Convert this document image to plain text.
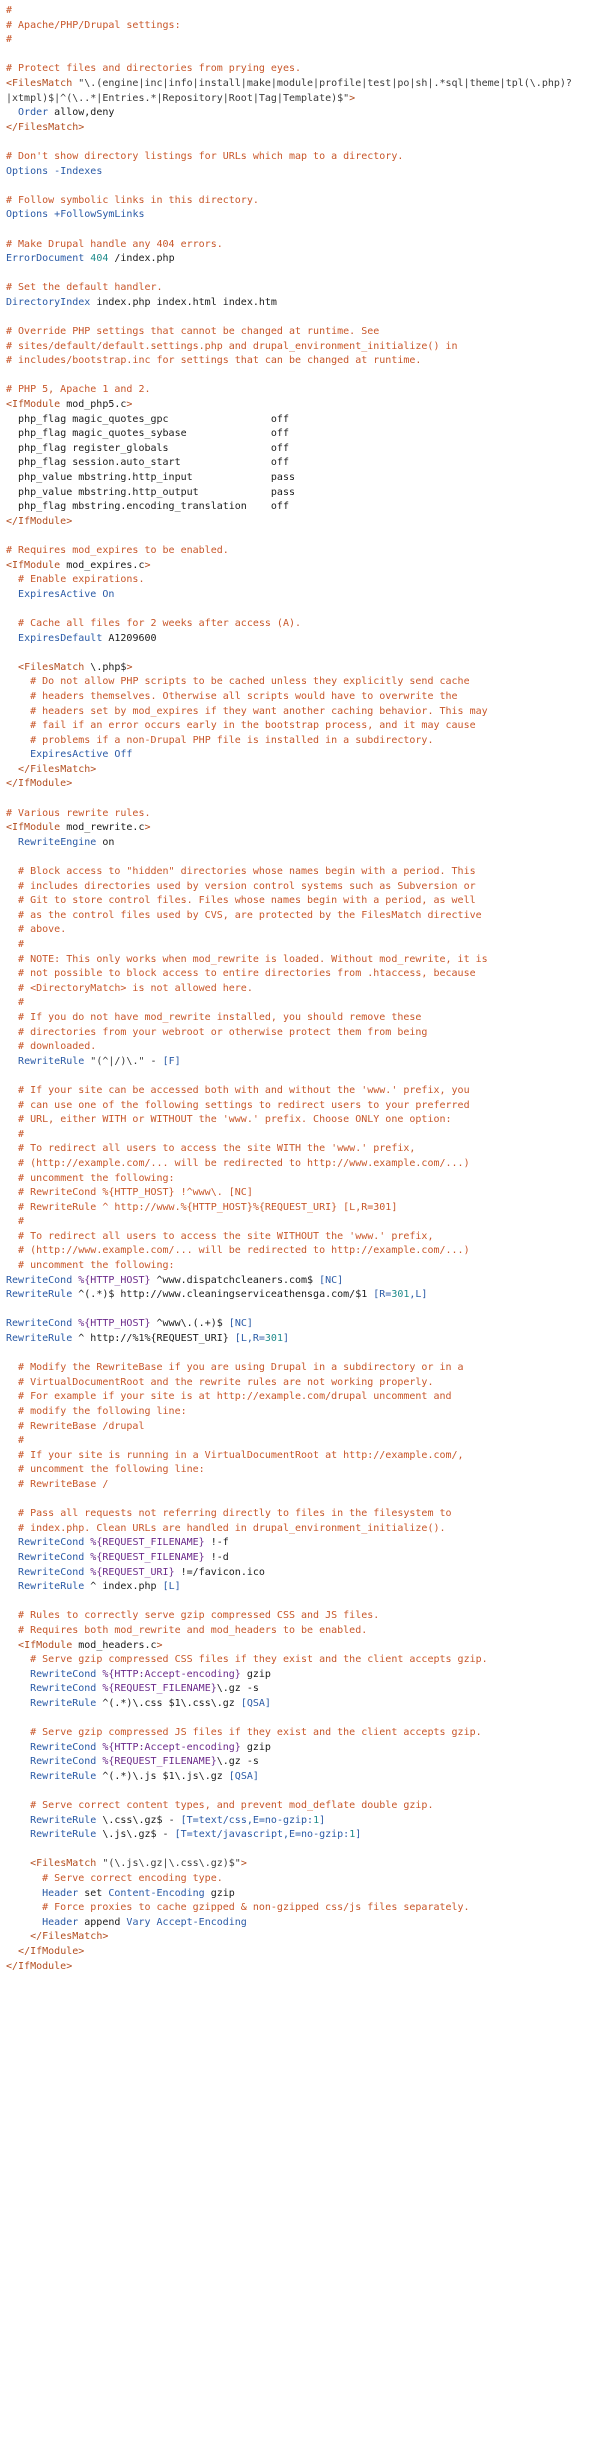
#
# Apache/PHP/Drupal settings:
#
# Protect files and directories from prying eyes.
<FilesMatch "\.(engine|inc|info|install|make|module|profile|test|po|sh|.*sql|theme|tpl(\.php)?
|xtmpl)$|^(\..*|Entries.*|Repository|Root|Tag|Template)$">
Order allow,deny
</FilesMatch>
# Don't show directory listings for URLs which map to a directory.
Options -Indexes
# Follow symbolic links in this directory.
Options +FollowSymLinks
# Make Drupal handle any 404 errors.
ErrorDocument 404 /index.php
# Set the default handler.
DirectoryIndex index.php index.html index.htm
# Override PHP settings that cannot be changed at runtime. See
# sites/default/default.settings.php and drupal_environment_initialize() in
# includes/bootstrap.inc for settings that can be changed at runtime.
# PHP 5, Apache 1 and 2.
<IfModule mod_php5.c>
php_flag magic_quotes_gpc                 off
php_flag magic_quotes_sybase              off
php_flag register_globals                 off
php_flag session.auto_start               off
php_value mbstring.http_input             pass
php_value mbstring.http_output            pass
php_flag mbstring.encoding_translation    off
</IfModule>
# Requires mod_expires to be enabled.
<IfModule mod_expires.c>
# Enable expirations.
ExpiresActive On
# Cache all files for 2 weeks after access (A).
ExpiresDefault A1209600
<FilesMatch \.php$>
# Do not allow PHP scripts to be cached unless they explicitly send cache
# headers themselves. Otherwise all scripts would have to overwrite the
# headers set by mod_expires if they want another caching behavior. This may
# fail if an error occurs early in the bootstrap process, and it may cause
# problems if a non-Drupal PHP file is installed in a subdirectory.
ExpiresActive Off
</FilesMatch>
</IfModule>
# Various rewrite rules.
<IfModule mod_rewrite.c>
RewriteEngine on
# Block access to "hidden" directories whose names begin with a period. This
# includes directories used by version control systems such as Subversion or
# Git to store control files. Files whose names begin with a period, as well
# as the control files used by CVS, are protected by the FilesMatch directive
# above.
#
# NOTE: This only works when mod_rewrite is loaded. Without mod_rewrite, it is
# not possible to block access to entire directories from .htaccess, because
# <DirectoryMatch> is not allowed here.
#
# If you do not have mod_rewrite installed, you should remove these
# directories from your webroot or otherwise protect them from being
# downloaded.
RewriteRule "(^|/)\." - [F]
# If your site can be accessed both with and without the 'www.' prefix, you
# can use one of the following settings to redirect users to your preferred
# URL, either WITH or WITHOUT the 'www.' prefix. Choose ONLY one option:
#
# To redirect all users to access the site WITH the 'www.' prefix,
# (http://example.com/... will be redirected to http://www.example.com/...)
# uncomment the following:
# RewriteCond %{HTTP_HOST} !^www\. [NC]
# RewriteRule ^ http://www.%{HTTP_HOST}%{REQUEST_URI} [L,R=301]
#
# To redirect all users to access the site WITHOUT the 'www.' prefix,
# (http://www.example.com/... will be redirected to http://example.com/...)
# uncomment the following:
RewriteCond %{HTTP_HOST} ^www.dispatchcleaners.com$ [NC]
RewriteRule ^(.*)$ http://www.cleaningserviceathensga.com/$1 [R=301,L]
RewriteCond %{HTTP_HOST} ^www\.(.+)$ [NC]
RewriteRule ^ http://%1%{REQUEST_URI} [L,R=301]
# Modify the RewriteBase if you are using Drupal in a subdirectory or in a
# VirtualDocumentRoot and the rewrite rules are not working properly.
# For example if your site is at http://example.com/drupal uncomment and
# modify the following line:
# RewriteBase /drupal
#
# If your site is running in a VirtualDocumentRoot at http://example.com/,
# uncomment the following line:
# RewriteBase /
# Pass all requests not referring directly to files in the filesystem to
# index.php. Clean URLs are handled in drupal_environment_initialize().
RewriteCond %{REQUEST_FILENAME} !-f
RewriteCond %{REQUEST_FILENAME} !-d
RewriteCond %{REQUEST_URI} !=/favicon.ico
RewriteRule ^ index.php [L]
# Rules to correctly serve gzip compressed CSS and JS files.
# Requires both mod_rewrite and mod_headers to be enabled.
<IfModule mod_headers.c>
# Serve gzip compressed CSS files if they exist and the client accepts gzip.
RewriteCond %{HTTP:Accept-encoding} gzip
RewriteCond %{REQUEST_FILENAME}\.gz -s
RewriteRule ^(.*)\.css $1\.css\.gz [QSA]
# Serve gzip compressed JS files if they exist and the client accepts gzip.
RewriteCond %{HTTP:Accept-encoding} gzip
RewriteCond %{REQUEST_FILENAME}\.gz -s
RewriteRule ^(.*)\.js $1\.js\.gz [QSA]
# Serve correct content types, and prevent mod_deflate double gzip.
RewriteRule \.css\.gz$ - [T=text/css,E=no-gzip:1]
RewriteRule \.js\.gz$ - [T=text/javascript,E=no-gzip:1]
<FilesMatch "(\.js\.gz|\.css\.gz)$">
# Serve correct encoding type.
Header set Content-Encoding gzip
# Force proxies to cache gzipped & non-gzipped css/js files separately.
Header append Vary Accept-Encoding
</FilesMatch>
</IfModule>
</IfModule>
